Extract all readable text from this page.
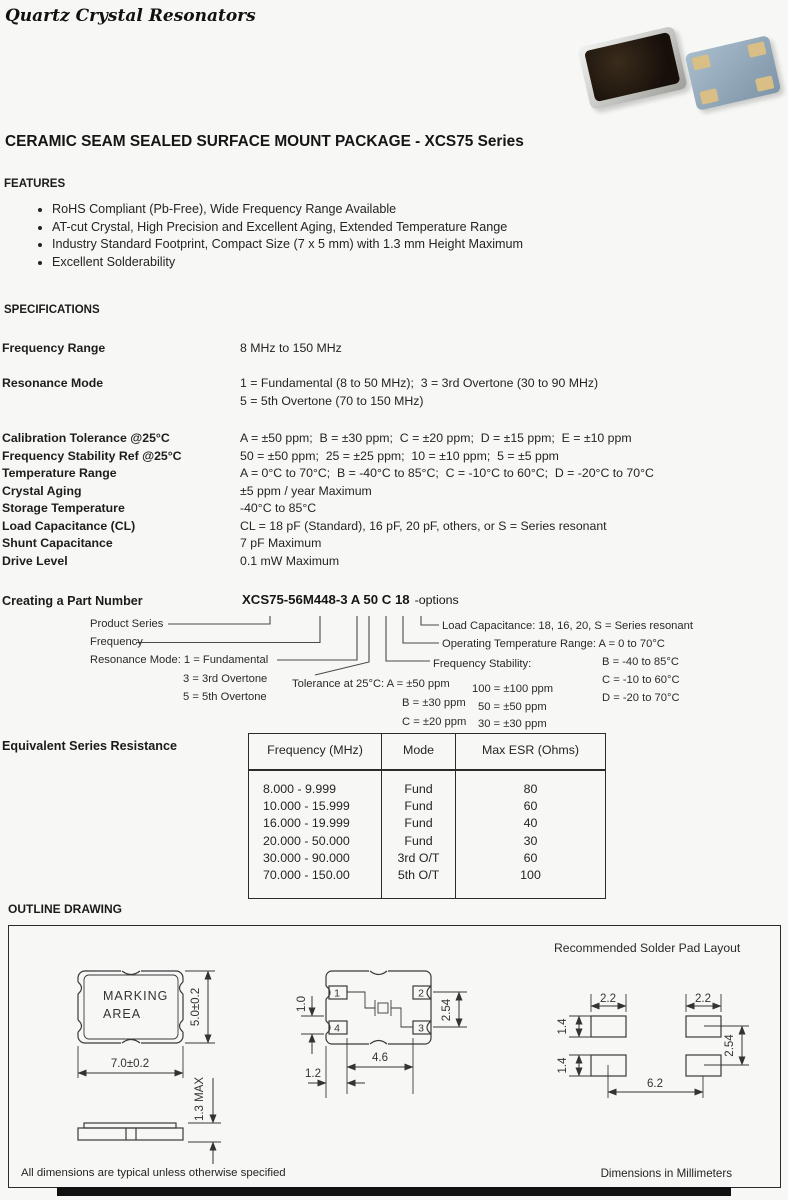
Quartz Crystal Resonators
CERAMIC SEAM SEALED SURFACE MOUNT PACKAGE - XCS75 Series
FEATURES
• RoHS Compliant (Pb-Free), Wide Frequency Range Available
• AT-cut Crystal, High Precision and Excellent Aging, Extended Temperature Range
• Industry Standard Footprint, Compact Size (7 x 5 mm) with 1.3 mm Height Maximum
• Excellent Solderability
SPECIFICATIONS
Frequency Range	8 MHz to 150 MHz
Resonance Mode	1 = Fundamental (8 to 50 MHz);  3 = 3rd Overtone (30 to 90 MHz)
5 = 5th Overtone (70 to 150 MHz)
Calibration Tolerance @25°C	A = ±50 ppm;  B = ±30 ppm;  C = ±20 ppm;  D = ±15 ppm;  E = ±10 ppm
Frequency Stability Ref @25°C	50 = ±50 ppm;  25 = ±25 ppm;  10 = ±10 ppm;  5 = ±5 ppm
Temperature Range	A = 0°C to 70°C;  B = -40°C to 85°C;  C = -10°C to 60°C;  D = -20°C to 70°C
Crystal Aging	±5 ppm / year Maximum
Storage Temperature	-40°C to 85°C
Load Capacitance (CL)	CL = 18 pF (Standard), 16 pF, 20 pF, others, or S = Series resonant
Shunt Capacitance	7 pF Maximum
Drive Level	0.1 mW Maximum
Creating a Part Number	XCS75-56M448-3 A 50 C 18 -options
Product Series
Frequency
Resonance Mode: 1 = Fundamental
3 = 3rd Overtone
5 = 5th Overtone
Tolerance at 25°C: A = ±50 ppm
B = ±30 ppm
C = ±20 ppm
Frequency Stability:
100 = ±100 ppm
50 = ±50 ppm
30 = ±30 ppm
Load Capacitance: 18, 16, 20, S = Series resonant
Operating Temperature Range: A = 0 to 70°C
B = -40 to 85°C
C = -10 to 60°C
D = -20 to 70°C
Equivalent Series Resistance	Frequency (MHz)	Mode	Max ESR (Ohms)
8.000 - 9.999	Fund	80
10.000 - 15.999	Fund	60
16.000 - 19.999	Fund	40
20.000 - 50.000	Fund	30
30.000 - 90.000	3rd O/T	60
70.000 - 150.00	5th O/T	100
OUTLINE DRAWING
MARKING
AREA	5.0±0.2
7.0±0.2
1.3 MAX
1	2
3
4
1.0	2.54
4.6
1.2
2.2	2.2
1.4
1.4
2.54
6.2
Recommended Solder Pad Layout
All dimensions are typical unless otherwise specified	Dimensions in Millimeters
